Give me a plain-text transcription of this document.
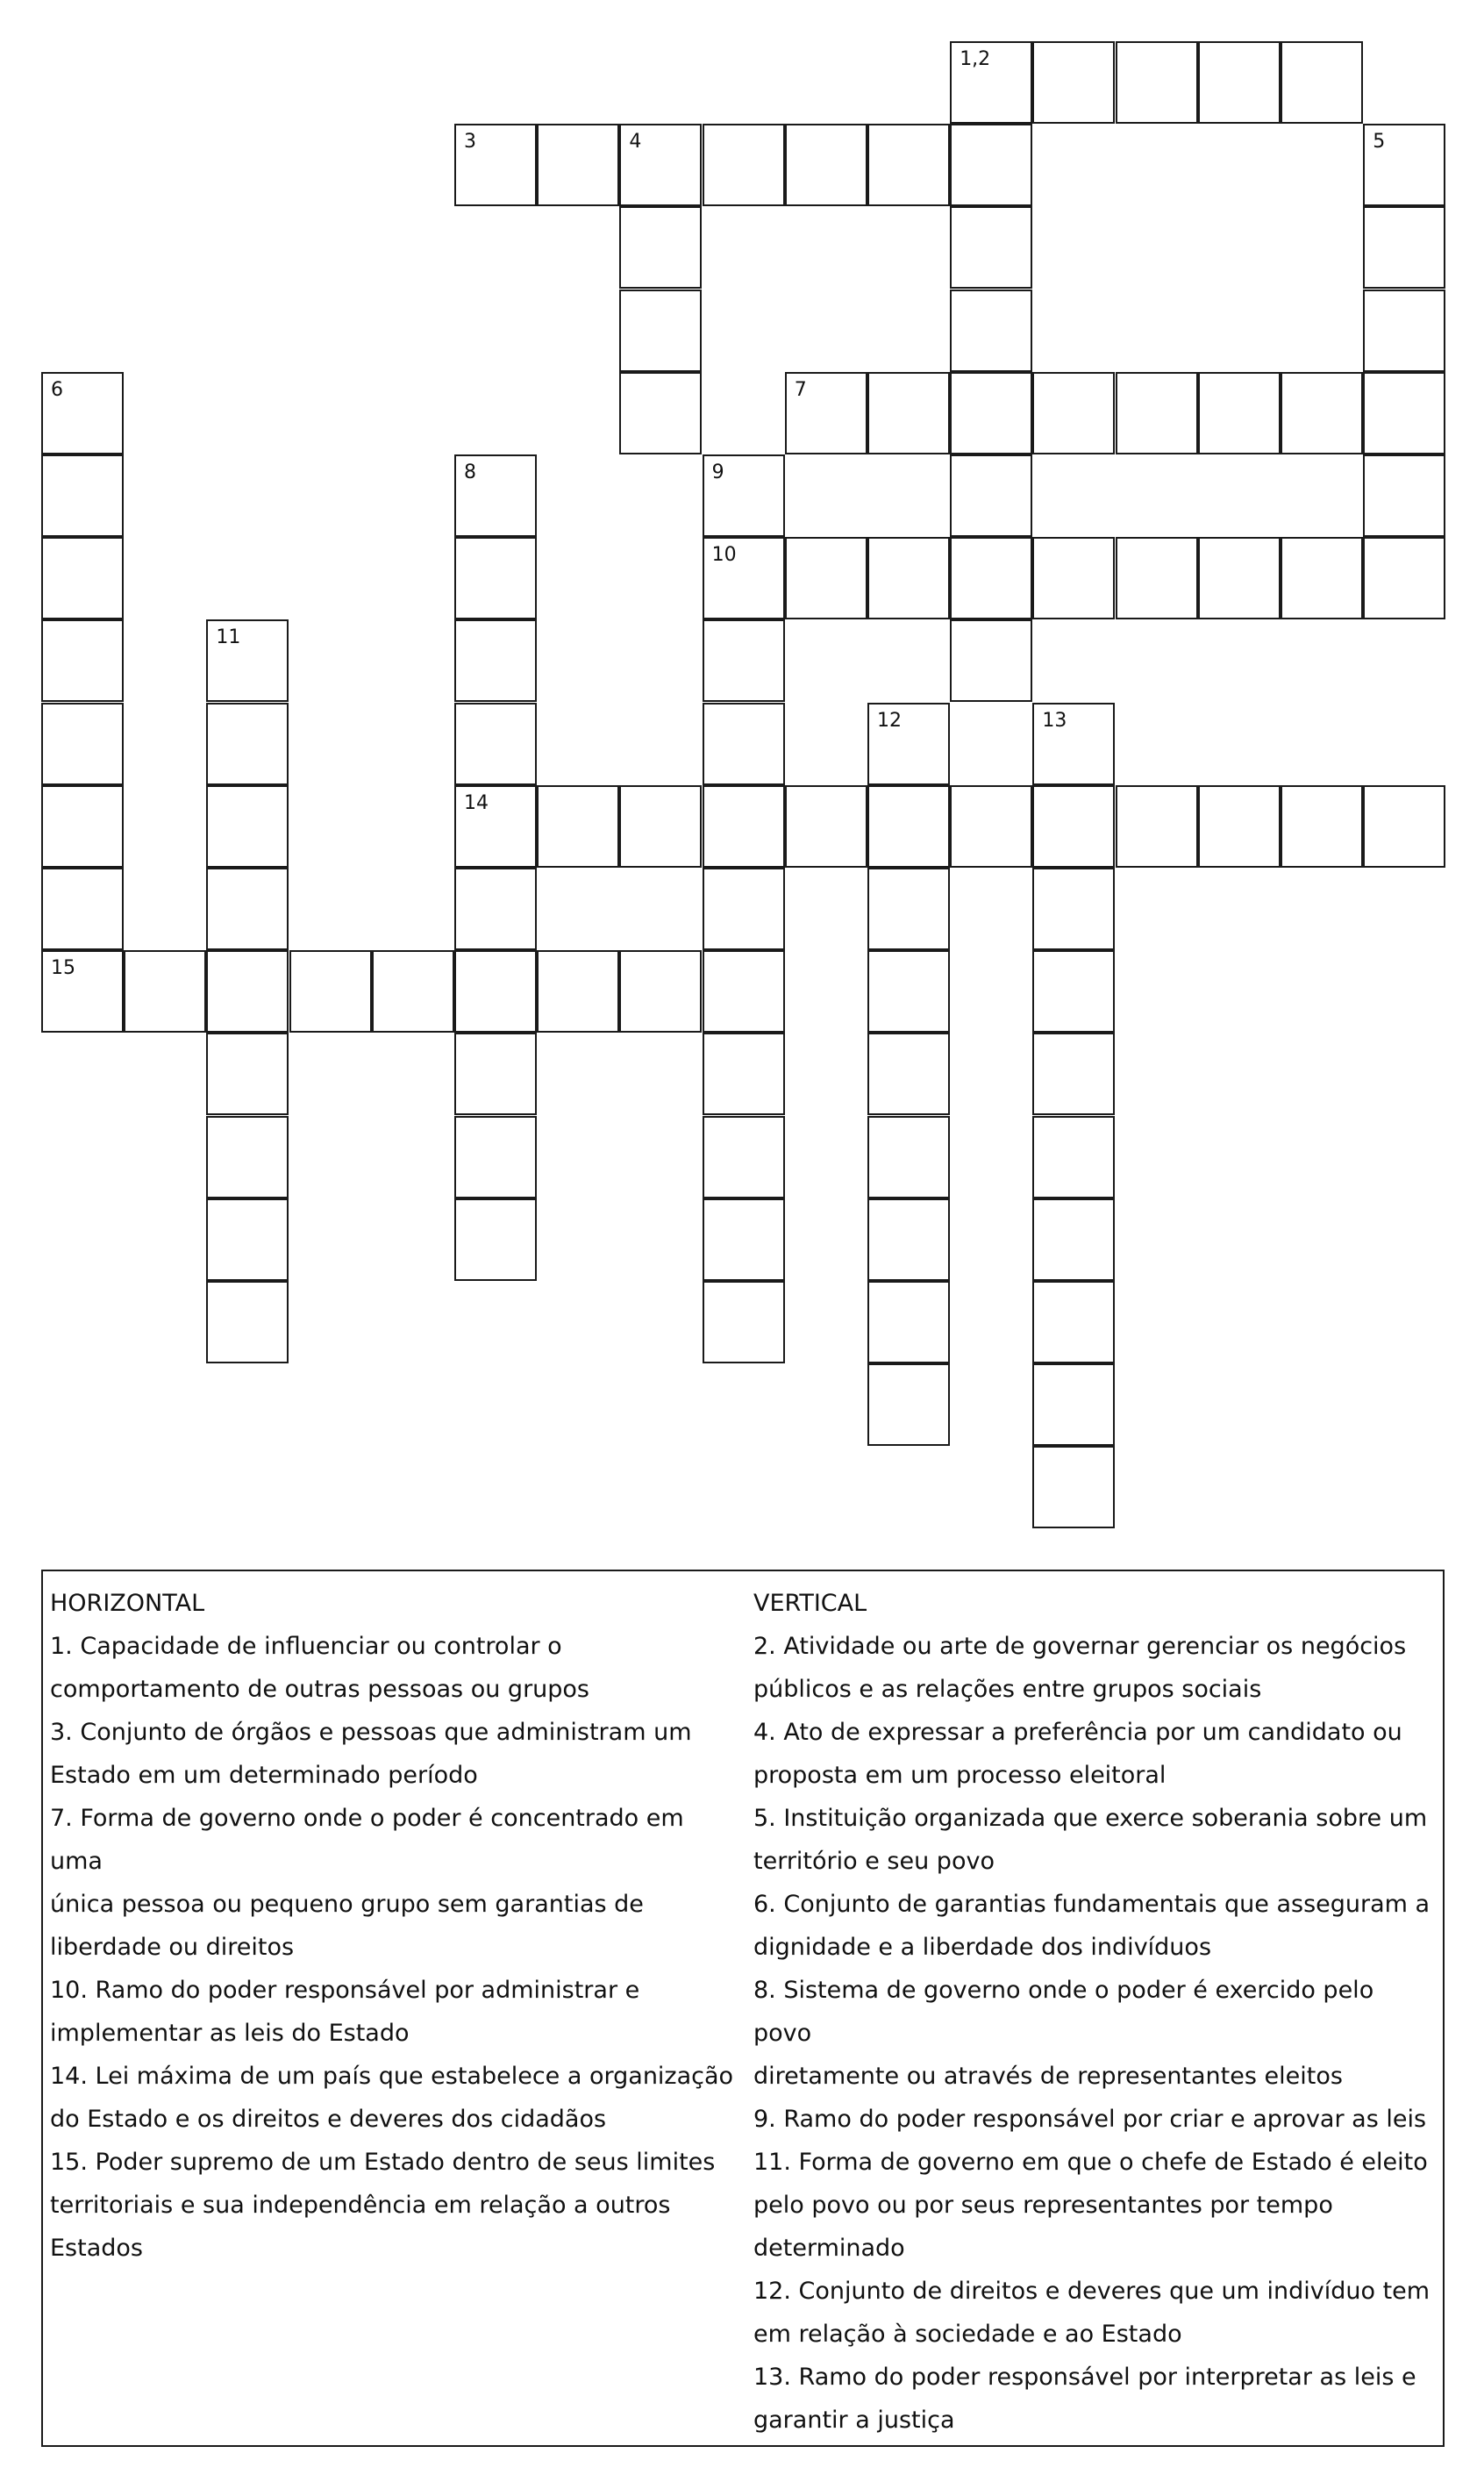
1,2
3	4	5
6
15
7
8
14
9
10
11
12	13
HORIZONTAL
1. Capacidade de influenciar ou controlar o
comportamento de outras pessoas ou grupos
3. Conjunto de órgãos e pessoas que administram um
Estado em um determinado período
7. Forma de governo onde o poder é concentrado em uma
única pessoa ou pequeno grupo sem garantias de
liberdade ou direitos
10. Ramo do poder responsável por administrar e
implementar as leis do Estado
14. Lei máxima de um país que estabelece a organização
do Estado e os direitos e deveres dos cidadãos
15. Poder supremo de um Estado dentro de seus limites
territoriais e sua independência em relação a outros
Estados
VERTICAL
2. Atividade ou arte de governar gerenciar os negócios
públicos e as relações entre grupos sociais
4. Ato de expressar a preferência por um candidato ou
proposta em um processo eleitoral
5. Instituição organizada que exerce soberania sobre um
território e seu povo
6. Conjunto de garantias fundamentais que asseguram a
dignidade e a liberdade dos indivíduos
8. Sistema de governo onde o poder é exercido pelo povo
diretamente ou através de representantes eleitos
9. Ramo do poder responsável por criar e aprovar as leis
11. Forma de governo em que o chefe de Estado é eleito
pelo povo ou por seus representantes por tempo
determinado
12. Conjunto de direitos e deveres que um indivíduo tem
em relação à sociedade e ao Estado
13. Ramo do poder responsável por interpretar as leis e
garantir a justiça
